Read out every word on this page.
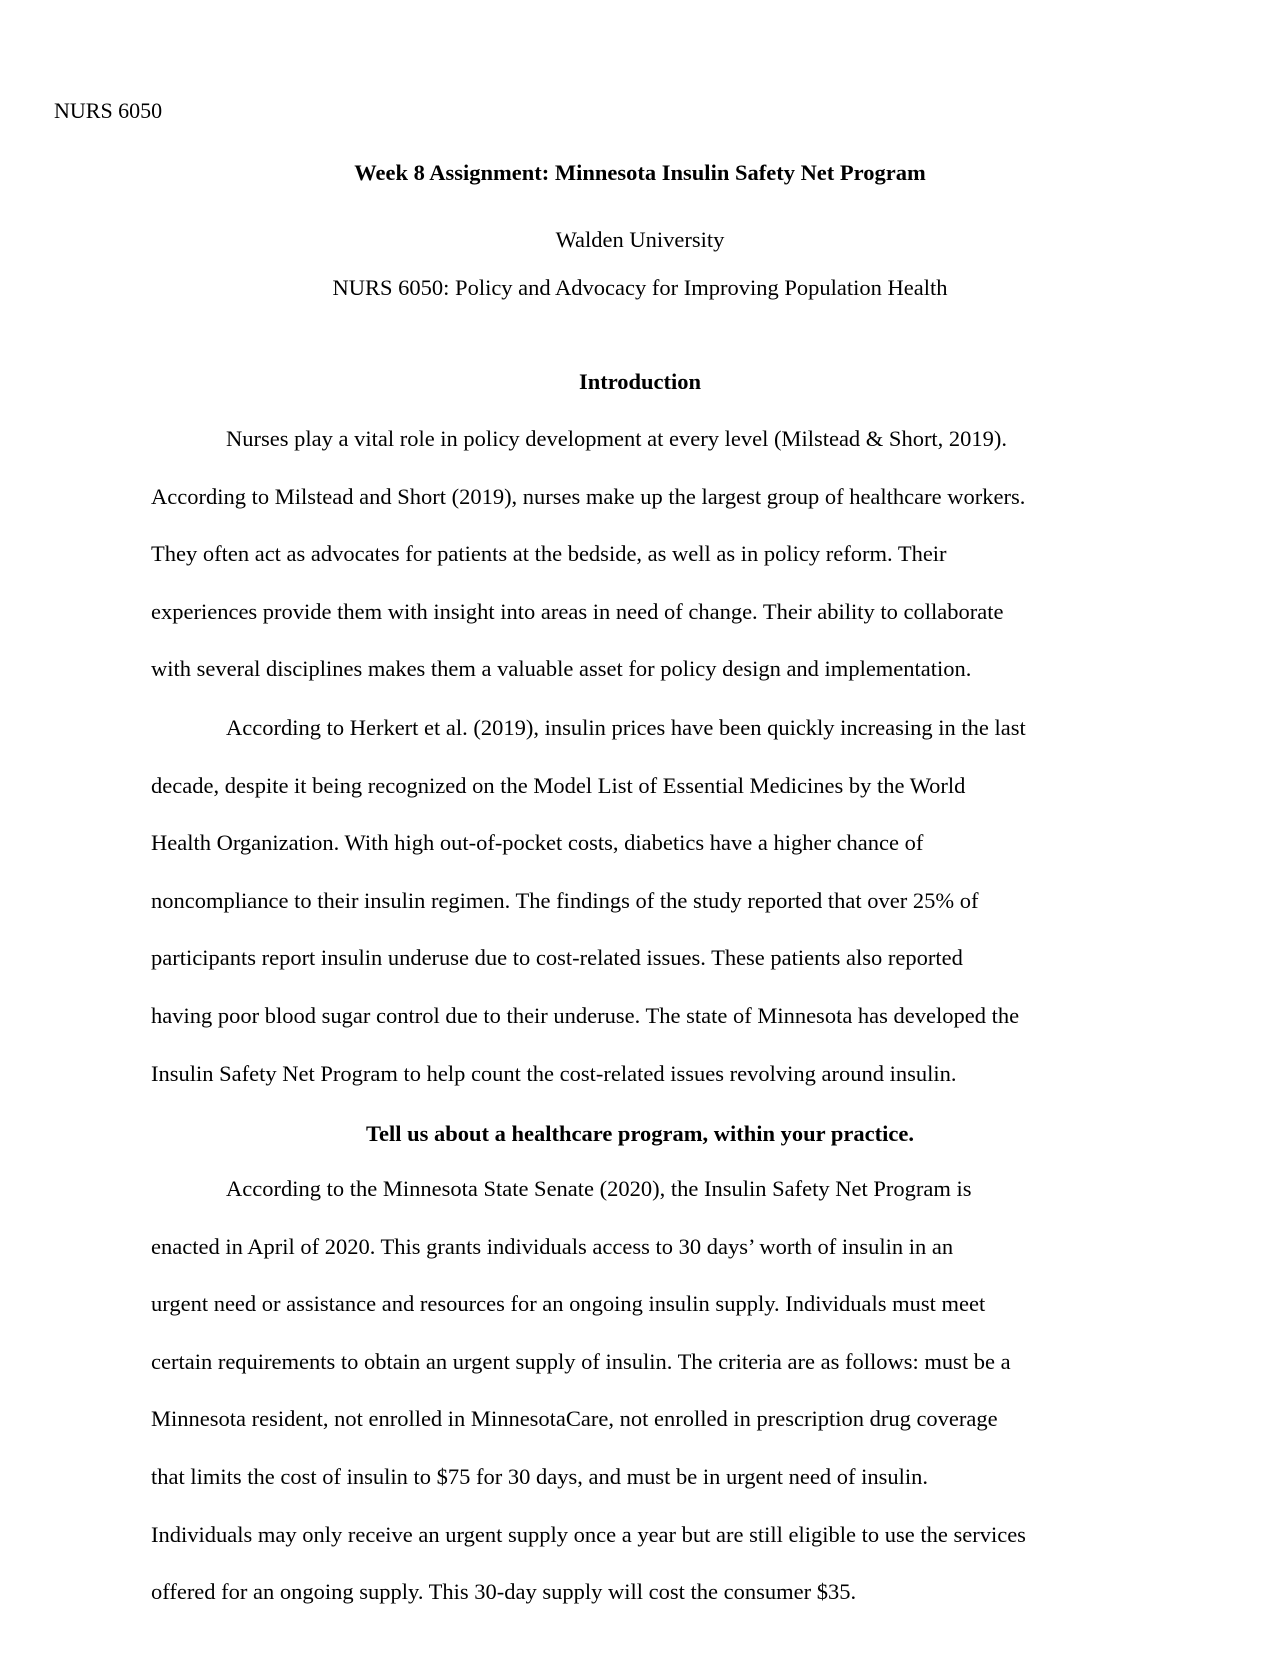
NURS 6050
Week 8 Assignment: Minnesota Insulin Safety Net Program
Walden University
NURS 6050: Policy and Advocacy for Improving Population Health
Introduction
Nurses play a vital role in policy development at every level (Milstead & Short, 2019).
According to Milstead and Short (2019), nurses make up the largest group of healthcare workers.
They often act as advocates for patients at the bedside, as well as in policy reform. Their
experiences provide them with insight into areas in need of change. Their ability to collaborate
with several disciplines makes them a valuable asset for policy design and implementation.
According to Herkert et al. (2019), insulin prices have been quickly increasing in the last
decade, despite it being recognized on the Model List of Essential Medicines by the World
Health Organization. With high out-of-pocket costs, diabetics have a higher chance of
noncompliance to their insulin regimen. The findings of the study reported that over 25% of
participants report insulin underuse due to cost-related issues. These patients also reported
having poor blood sugar control due to their underuse. The state of Minnesota has developed the
Insulin Safety Net Program to help count the cost-related issues revolving around insulin.
Tell us about a healthcare program, within your practice.
According to the Minnesota State Senate (2020), the Insulin Safety Net Program is
enacted in April of 2020. This grants individuals access to 30 days’ worth of insulin in an
urgent need or assistance and resources for an ongoing insulin supply. Individuals must meet
certain requirements to obtain an urgent supply of insulin. The criteria are as follows: must be a
Minnesota resident, not enrolled in MinnesotaCare, not enrolled in prescription drug coverage
that limits the cost of insulin to $75 for 30 days, and must be in urgent need of insulin.
Individuals may only receive an urgent supply once a year but are still eligible to use the services
offered for an ongoing supply. This 30-day supply will cost the consumer $35.
